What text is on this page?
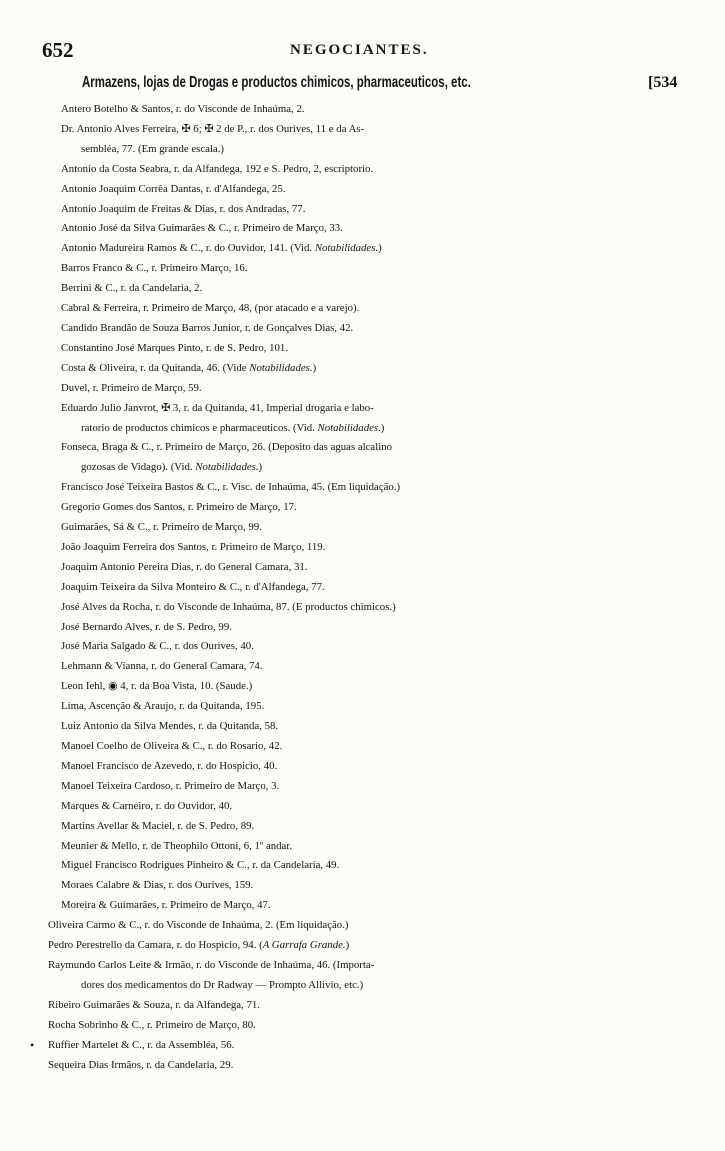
652	NEGOCIANTES.
Armazens, lojas de Drogas e productos chimicos, pharmaceuticos, etc.	[534
Antero Botelho & Santos, r. do Visconde de Inhaúma, 2.
Dr. Antonio Alves Ferreira, ✠ 6; ✠ 2 de P., r. dos Ourives, 11 e da As-
sembléa, 77. (Em grande escala.)
Antonio da Costa Seabra, r. da Alfandega, 192 e S. Pedro, 2, escriptorio.
Antonio Joaquim Corrêa Dantas, r. d'Alfandega, 25.
Antonio Joaquim de Freitas & Dias, r. dos Andradas, 77.
Antonio José da Silva Guimarães & C., r. Primeiro de Março, 33.
Antonio Madureira Ramos & C., r. do Ouvidor, 141. (Vid. Notabilidades.)
Barros Franco & C., r. Primeiro Março, 16.
Berrini & C., r. da Candelaria, 2.
Cabral & Ferreira, r. Primeiro de Março, 48, (por atacado e a varejo).
Candido Brandão de Souza Barros Junior, r. de Gonçalves Dias, 42.
Constantino José Marques Pinto, r. de S. Pedro, 101.
Costa & Oliveira, r. da Quitanda, 46. (Vide Notabilidades.)
Duvel, r. Primeiro de Março, 59.
Eduardo Julio Janvrot, ✠ 3, r. da Quitanda, 41, Imperial drogaria e labo-
ratorio de productos chimicos e pharmaceuticos. (Vid. Notabilidades.)
Fonseca, Braga & C., r. Primeiro de Março, 26. (Deposito das aguas alcalino
gozosas de Vidago). (Vid. Notabilidades.)
Francisco José Teixeira Bastos & C., r. Visc. de Inhaúma, 45. (Em liquidação.)
Gregorio Gomes dos Santos, r. Primeiro de Março, 17.
Guimarães, Sá & C., r. Primeiro de Março, 99.
João Joaquim Ferreira dos Santos, r. Primeiro de Março, 119.
Joaquim Antonio Pereira Dias, r. do General Camara, 31.
Joaquim Teixeira da Silva Monteiro & C., r. d'Alfandega, 77.
José Alves da Rocha, r. do Visconde de Inhaúma, 87. (E productos chimicos.)
José Bernardo Alves, r. de S. Pedro, 99.
José Maria Salgado & C., r. dos Ourives, 40.
Lehmann & Vianna, r. do General Camara, 74.
Leon Iehl, ◉ 4, r. da Boa Vista, 10. (Saude.)
Lima, Ascenção & Araujo, r. da Quitanda, 195.
Luiz Antonio da Silva Mendes, r. da Quitanda, 58.
Manoel Coelho de Oliveira & C., r. do Rosario, 42.
Manoel Francisco de Azevedo, r. do Hospicio, 40.
Manoel Teixeira Cardoso, r. Primeiro de Março, 3.
Marques & Carneiro, r. do Ouvidor, 40.
Martins Avellar & Maciel, r. de S. Pedro, 89.
Meunier & Mello, r. de Theophilo Ottoni, 6, 1º andar.
Miguel Francisco Rodrigues Pinheiro & C., r. da Candelaria, 49.
Moraes Calabre & Dias, r. dos Ourives, 159.
Moreira & Guimarães, r. Primeiro de Março, 47.
Oliveira Carmo & C., r. do Visconde de Inhaúma, 2. (Em liquidação.)
Pedro Perestrello da Camara, r. do Hospicio, 94. (A Garrafa Grande.)
Raymundo Carlos Leite & Irmão, r. do Visconde de Inhaúma, 46. (Importa-
dores dos medicamentos do Dr Radway — Prompto Allivio, etc.)
Ribeiro Guimarães & Souza, r. da Alfandega, 71.
Rocha Sobrinho & C., r. Primeiro de Março, 80.
• Ruffier Martelet & C., r. da Assembléa, 56.
Sequeira Dias Irmãos, r. da Candelaria, 29.
